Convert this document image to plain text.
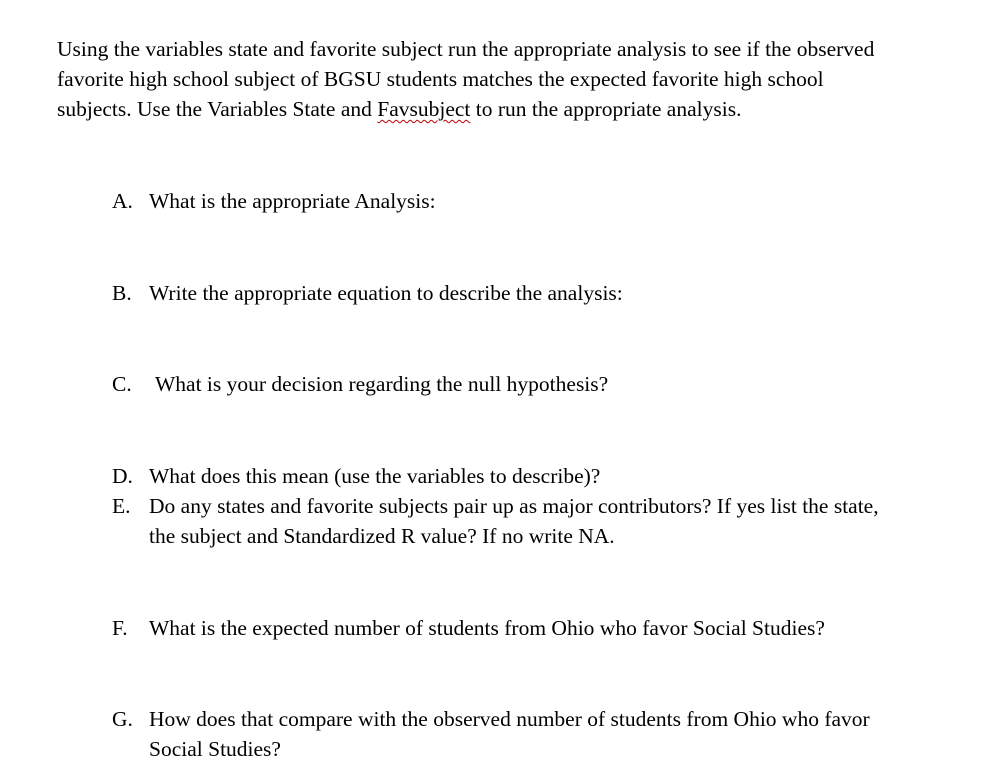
Using the variables state and favorite subject run the appropriate analysis to see if the observed
favorite high school subject of BGSU students matches the expected favorite high school
subjects. Use the Variables State and Favsubject to run the appropriate analysis.
A. What is the appropriate Analysis:
B. Write the appropriate equation to describe the analysis:
C. What is your decision regarding the null hypothesis?
D. What does this mean (use the variables to describe)?
E. Do any states and favorite subjects pair up as major contributors? If yes list the state,
the subject and Standardized R value? If no write NA.
F. What is the expected number of students from Ohio who favor Social Studies?
G. How does that compare with the observed number of students from Ohio who favor
Social Studies?
